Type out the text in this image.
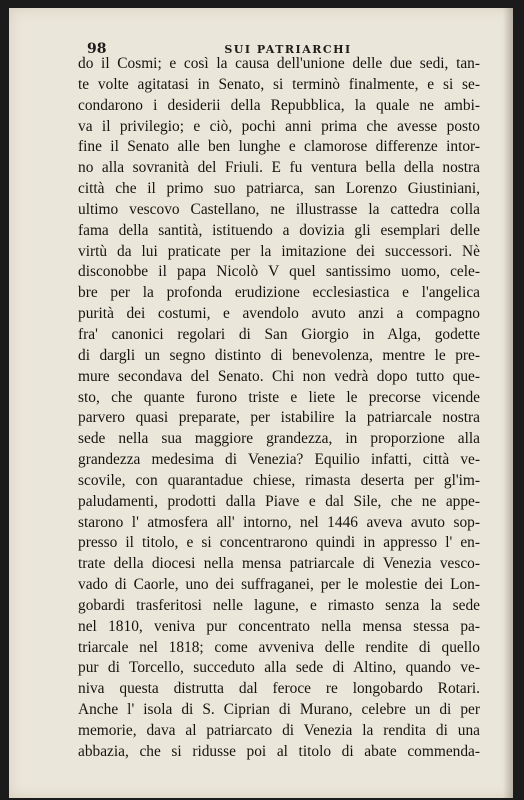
98	SUI PATRIARCHI
do il Cosmi; e così la causa dell'unione delle due sedi, tan-
te volte agitatasi in Senato, si terminò finalmente, e si se-
condarono i desiderii della Repubblica, la quale ne ambi-
va il privilegio; e ciò, pochi anni prima che avesse posto
fine il Senato alle ben lunghe e clamorose differenze intor-
no alla sovranità del Friuli. E fu ventura bella della nostra
città che il primo suo patriarca, san Lorenzo Giustiniani,
ultimo vescovo Castellano, ne illustrasse la cattedra colla
fama della santità, istituendo a dovizia gli esemplari delle
virtù da lui praticate per la imitazione dei successori. Nè
disconobbe il papa Nicolò V quel santissimo uomo, cele-
bre per la profonda erudizione ecclesiastica e l'angelica
purità dei costumi, e avendolo avuto anzi a compagno
fra' canonici regolari di San Giorgio in Alga, godette
di dargli un segno distinto di benevolenza, mentre le pre-
mure secondava del Senato. Chi non vedrà dopo tutto que-
sto, che quante furono triste e liete le precorse vicende
parvero quasi preparate, per istabilire la patriarcale nostra
sede nella sua maggiore grandezza, in proporzione alla
grandezza medesima di Venezia? Equilio infatti, città ve-
scovile, con quarantadue chiese, rimasta deserta per gl'im-
paludamenti, prodotti dalla Piave e dal Sile, che ne appe-
starono l' atmosfera all' intorno, nel 1446 aveva avuto sop-
presso il titolo, e si concentrarono quindi in appresso l' en-
trate della diocesi nella mensa patriarcale di Venezia vesco-
vado di Caorle, uno dei suffraganei, per le molestie dei Lon-
gobardi trasferitosi nelle lagune, e rimasto senza la sede
nel 1810, veniva pur concentrato nella mensa stessa pa-
triarcale nel 1818; come avveniva delle rendite di quello
pur di Torcello, succeduto alla sede di Altino, quando ve-
niva questa distrutta dal feroce re longobardo Rotari.
Anche l' isola di S. Ciprian di Murano, celebre un di per
memorie, dava al patriarcato di Venezia la rendita di una
abbazia, che si ridusse poi al titolo di abate commenda-
